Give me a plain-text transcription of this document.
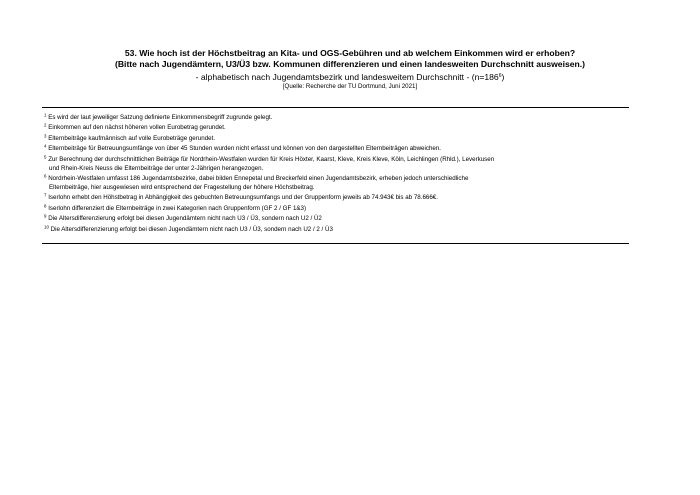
53. Wie hoch ist der Höchstbeitrag an Kita- und OGS-Gebühren und ab welchem Einkommen wird er erhoben?
(Bitte nach Jugendämtern, U3/Ü3 bzw. Kommunen differenzieren und einen landesweiten Durchschnitt ausweisen.)
- alphabetisch nach Jugendamtsbezirk und landesweitem Durchschnitt - $(n=186^6)$
[Quelle: Recherche der TU Dortmund, Juni 2021]
$^1$ Es wird der laut jeweiliger Satzung definierte Einkommensbegriff zugrunde gelegt.
$^2$ Einkommen auf den nächst höheren vollen Eurobetrag gerundet.
$^3$ Elternbeiträge kaufmännisch auf volle Eurobeträge gerundet.
$^4$ Elternbeiträge für Betreuungsumfänge von über 45 Stunden wurden nicht erfasst und können von den dargestellten Elternbeiträgen abweichen.
$^5$ Zur Berechnung der durchschnittlichen Beiträge für Nordrhein-Westfalen wurden für Kreis Höxter, Kaarst, Kleve, Kreis Kleve, Köln, Leichlingen (Rhld.), Leverkusen
und Rhein-Kreis Neuss die Elternbeiträge der unter 2-Jährigen herangezogen.
$^6$ Nordrhein-Westfalen umfasst 186 Jugendamtsbezirke, dabei bilden Ennepetal und Breckerfeld einen Jugendamtsbezirk, erheben jedoch unterschiedliche
Elternbeiträge, hier ausgewiesen wird entsprechend der Fragestellung der höhere Höchstbeitrag.
$^7$ Iserlohn erhebt den Höhstbetrag in Abhängigkeit des gebuchten Betreuungsumfangs und der Gruppenform jeweils ab 74.943€ bis ab 78.666€.
$^8$ Iserlohn differenziert die Elternbeiträge in zwei Kategorien nach Gruppenform (GF 2 / GF 1&3)
$^9$ Die Altersdifferenzierung erfolgt bei diesen Jugendämtern nicht nach U3 / Ü3, sondern nach U2 / Ü2
$^{10}$ Die Altersdifferenzierung erfolgt bei diesen Jugendämtern nicht nach U3 / Ü3, sondern nach U2 / 2 / Ü3
